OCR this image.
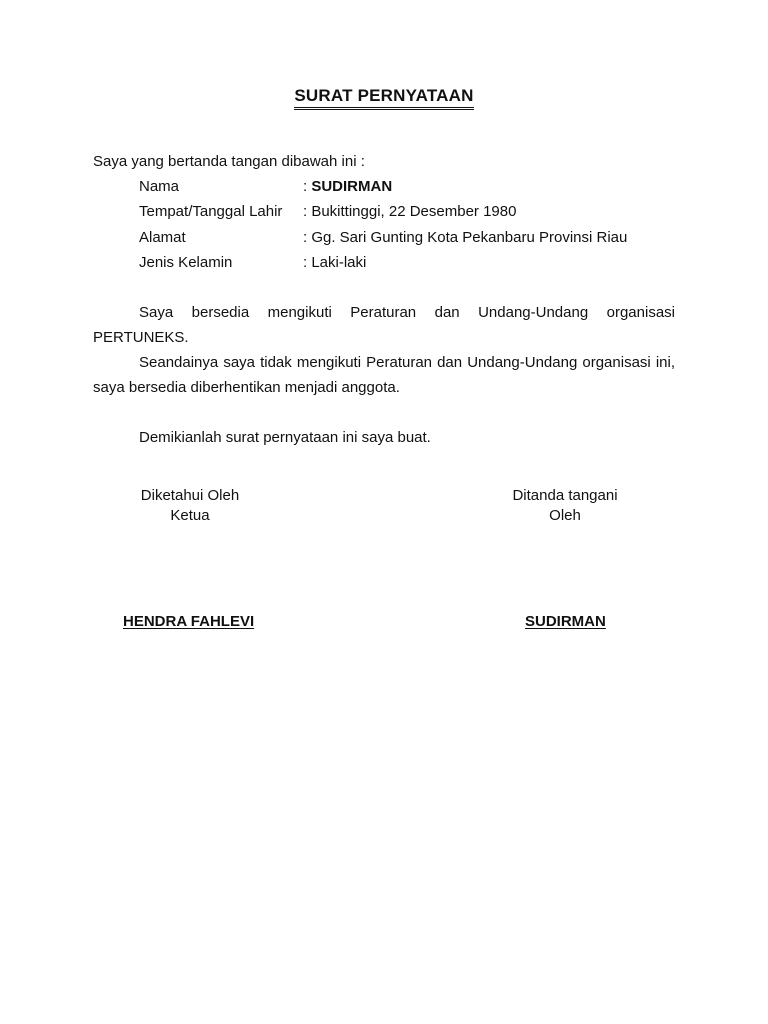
SURAT PERNYATAAN
Saya yang bertanda tangan dibawah ini :
Nama	: SUDIRMAN
Tempat/Tanggal Lahir : Bukittinggi, 22 Desember 1980
Alamat	: Gg. Sari Gunting Kota Pekanbaru Provinsi Riau
Jenis Kelamin	: Laki-laki

Saya bersedia mengikuti Peraturan dan Undang-Undang organisasi PERTUNEKS.

Seandainya saya tidak mengikuti Peraturan dan Undang-Undang organisasi ini, saya bersedia diberhentikan menjadi anggota.

Demikianlah surat pernyataan ini saya buat.

Diketahui Oleh
Ketua
Ditanda tangani
Oleh
HENDRA FAHLEVI	SUDIRMAN
